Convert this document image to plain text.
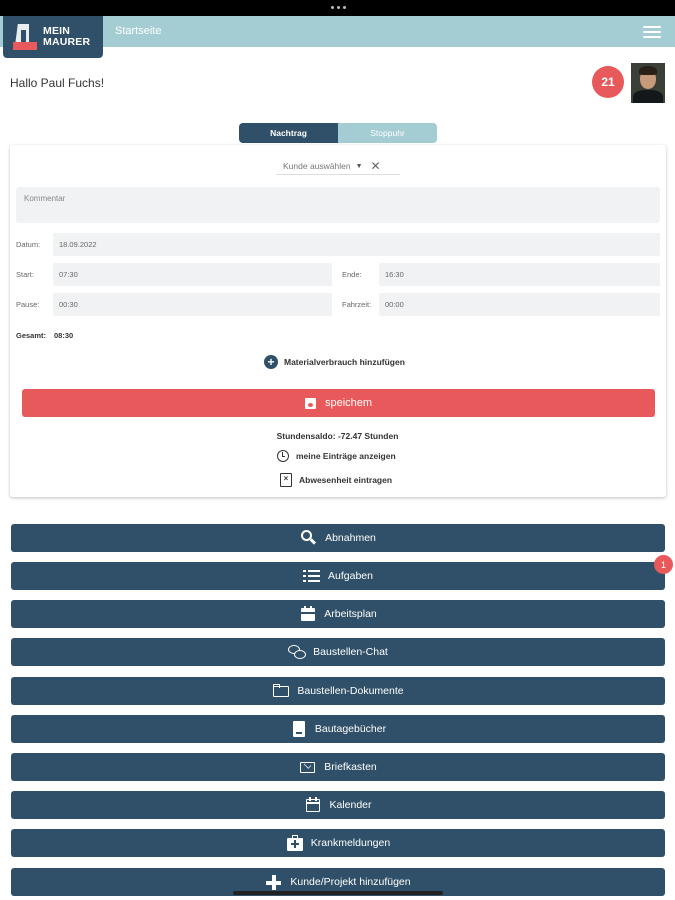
MEIN
MAURER
Startseite
Hallo Paul Fuchs!	21
Nachtrag	Stoppuhr
Kunde auswählen ▼ ✕
Kommentar
Datum:	18.09.2022
Start:	07:30	Ende:	16:30
Pause:	00:30	Fahrzeit:	00:00
Gesamt: 08:30
+	Materialverbrauch hinzufügen
speichem
Stundensaldo: -72.47 Stunden
meine Einträge anzeigen
×	Abwesenheit eintragen
Abnahmen
Aufgaben
1
Arbeitsplan
Baustellen-Chat
Baustellen-Dokumente
Bautagebücher
Briefkasten
Kalender
Krankmeldungen
Kunde/Projekt hinzufügen
